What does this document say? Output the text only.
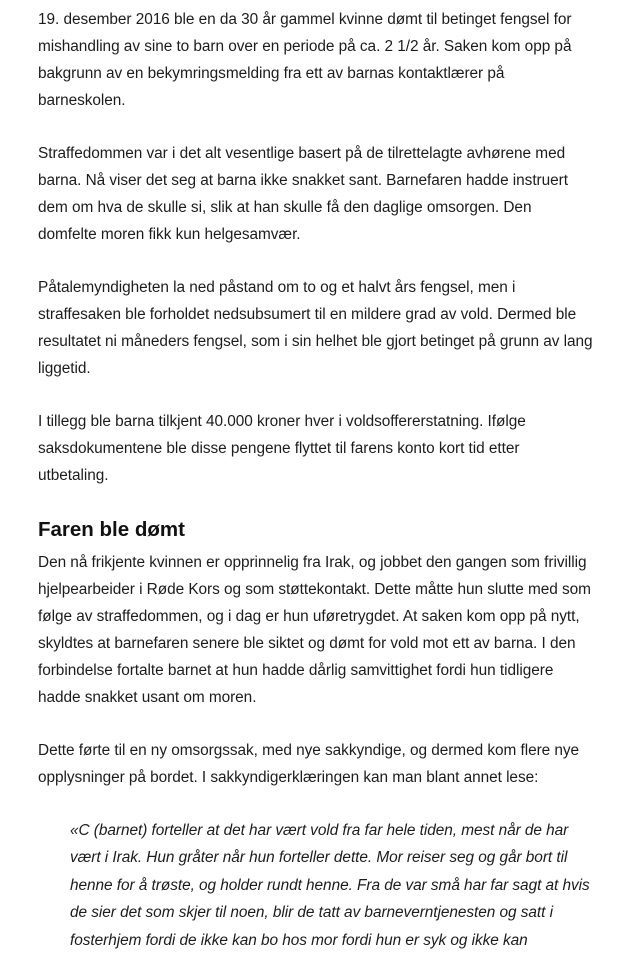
19. desember 2016 ble en da 30 år gammel kvinne dømt til betinget fengsel for mishandling av sine to barn over en periode på ca. 2 1/2 år. Saken kom opp på bakgrunn av en bekymringsmelding fra ett av barnas kontaktlærer på barneskolen.

Straffedommen var i det alt vesentlige basert på de tilrettelagte avhørene med barna. Nå viser det seg at barna ikke snakket sant. Barnefaren hadde instruert dem om hva de skulle si, slik at han skulle få den daglige omsorgen. Den domfelte moren fikk kun helgesamvær.

Påtalemyndigheten la ned påstand om to og et halvt års fengsel, men i straffesaken ble forholdet nedsubsumert til en mildere grad av vold. Dermed ble resultatet ni måneders fengsel, som i sin helhet ble gjort betinget på grunn av lang liggetid.

I tillegg ble barna tilkjent 40.000 kroner hver i voldsoffererstatning. Ifølge saksdokumentene ble disse pengene flyttet til farens konto kort tid etter utbetaling.

Faren ble dømt

Den nå frikjente kvinnen er opprinnelig fra Irak, og jobbet den gangen som frivillig hjelpearbeider i Røde Kors og som støttekontakt. Dette måtte hun slutte med som følge av straffedommen, og i dag er hun uføretrygdet. At saken kom opp på nytt, skyldtes at barnefaren senere ble siktet og dømt for vold mot ett av barna. I den forbindelse fortalte barnet at hun hadde dårlig samvittighet fordi hun tidligere hadde snakket usant om moren.

Dette førte til en ny omsorgssak, med nye sakkyndige, og dermed kom flere nye opplysninger på bordet. I sakkyndigerklæringen kan man blant annet lese:

«C (barnet) forteller at det har vært vold fra far hele tiden, mest når de har vært i Irak. Hun gråter når hun forteller dette. Mor reiser seg og går bort til henne for å trøste, og holder rundt henne. Fra de var små har far sagt at hvis de sier det som skjer til noen, blir de tatt av barneverntjenesten og satt i fosterhjem fordi de ikke kan bo hos mor fordi hun er syk og ikke kan
